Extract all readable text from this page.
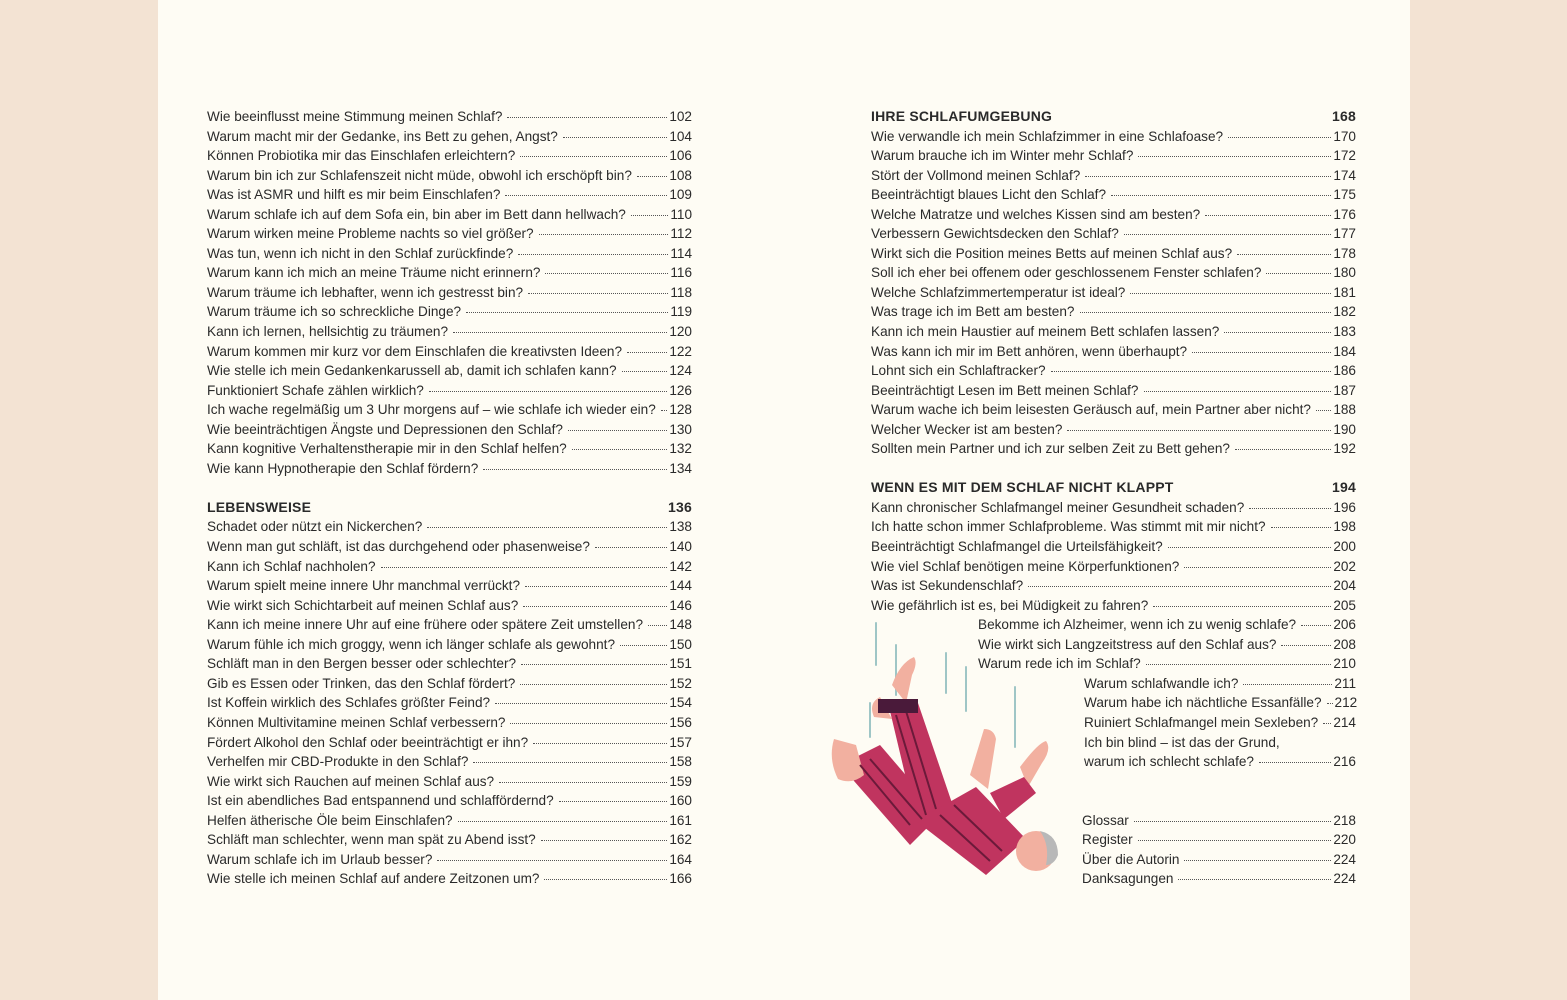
Wie beeinflusst meine Stimmung meinen Schlaf?	102
Warum macht mir der Gedanke, ins Bett zu gehen, Angst?	104
Können Probiotika mir das Einschlafen erleichtern?	106
Warum bin ich zur Schlafenszeit nicht müde, obwohl ich erschöpft bin?	108
Was ist ASMR und hilft es mir beim Einschlafen?	109
Warum schlafe ich auf dem Sofa ein, bin aber im Bett dann hellwach?	110
Warum wirken meine Probleme nachts so viel größer?	112
Was tun, wenn ich nicht in den Schlaf zurückfinde?	114
Warum kann ich mich an meine Träume nicht erinnern?	116
Warum träume ich lebhafter, wenn ich gestresst bin?	118
Warum träume ich so schreckliche Dinge?	119
Kann ich lernen, hellsichtig zu träumen?	120
Warum kommen mir kurz vor dem Einschlafen die kreativsten Ideen?	122
Wie stelle ich mein Gedankenkarussell ab, damit ich schlafen kann?	124
Funktioniert Schafe zählen wirklich?	126
Ich wache regelmäßig um 3 Uhr morgens auf – wie schlafe ich wieder ein? 128
Wie beeinträchtigen Ängste und Depressionen den Schlaf?	130
Kann kognitive Verhaltenstherapie mir in den Schlaf helfen?	132
Wie kann Hypnotherapie den Schlaf fördern?	134
LEBENSWEISE	136
Schadet oder nützt ein Nickerchen?	138
Wenn man gut schläft, ist das durchgehend oder phasenweise?	140
Kann ich Schlaf nachholen?	142
Warum spielt meine innere Uhr manchmal verrückt?	144
Wie wirkt sich Schichtarbeit auf meinen Schlaf aus?	146
Kann ich meine innere Uhr auf eine frühere oder spätere Zeit umstellen? 148
Warum fühle ich mich groggy, wenn ich länger schlafe als gewohnt?	150
Schläft man in den Bergen besser oder schlechter?	151
Gib es Essen oder Trinken, das den Schlaf fördert?	152
Ist Koffein wirklich des Schlafes größter Feind?	154
Können Multivitamine meinen Schlaf verbessern?	156
Fördert Alkohol den Schlaf oder beeinträchtigt er ihn?	157
Verhelfen mir CBD-Produkte in den Schlaf?	158
Wie wirkt sich Rauchen auf meinen Schlaf aus?	159
Ist ein abendliches Bad entspannend und schlaffördernd?	160
Helfen ätherische Öle beim Einschlafen?	161
Schläft man schlechter, wenn man spät zu Abend isst?	162
Warum schlafe ich im Urlaub besser?	164
Wie stelle ich meinen Schlaf auf andere Zeitzonen um?	166
IHRE SCHLAFUMGEBUNG	168
Wie verwandle ich mein Schlafzimmer in eine Schlafoase?	170
Warum brauche ich im Winter mehr Schlaf?	172
Stört der Vollmond meinen Schlaf?	174
Beeinträchtigt blaues Licht den Schlaf?	175
Welche Matratze und welches Kissen sind am besten?	176
Verbessern Gewichtsdecken den Schlaf?	177
Wirkt sich die Position meines Betts auf meinen Schlaf aus?	178
Soll ich eher bei offenem oder geschlossenem Fenster schlafen?	180
Welche Schlafzimmertemperatur ist ideal?	181
Was trage ich im Bett am besten?	182
Kann ich mein Haustier auf meinem Bett schlafen lassen?	183
Was kann ich mir im Bett anhören, wenn überhaupt?	184
Lohnt sich ein Schlaftracker?	186
Beeinträchtigt Lesen im Bett meinen Schlaf?	187
Warum wache ich beim leisesten Geräusch auf, mein Partner aber nicht? 188
Welcher Wecker ist am besten?	190
Sollten mein Partner und ich zur selben Zeit zu Bett gehen?	192
WENN ES MIT DEM SCHLAF NICHT KLAPPT	194
Kann chronischer Schlafmangel meiner Gesundheit schaden?	196
Ich hatte schon immer Schlafprobleme. Was stimmt mit mir nicht?	198
Beeinträchtigt Schlafmangel die Urteilsfähigkeit?	200
Wie viel Schlaf benötigen meine Körperfunktionen?	202
Was ist Sekundenschlaf?	204
Wie gefährlich ist es, bei Müdigkeit zu fahren?	205
Bekomme ich Alzheimer, wenn ich zu wenig schlafe?	206
Wie wirkt sich Langzeitstress auf den Schlaf aus?	208
Warum rede ich im Schlaf?	210
Warum schlafwandle ich?	211
Warum habe ich nächtliche Essanfälle? 212
Ruiniert Schlafmangel mein Sexleben? 214
Ich bin blind – ist das der Grund,
warum ich schlecht schlafe?	216
Glossar	218
Register	220
Über die Autorin	224
Danksagungen	224
